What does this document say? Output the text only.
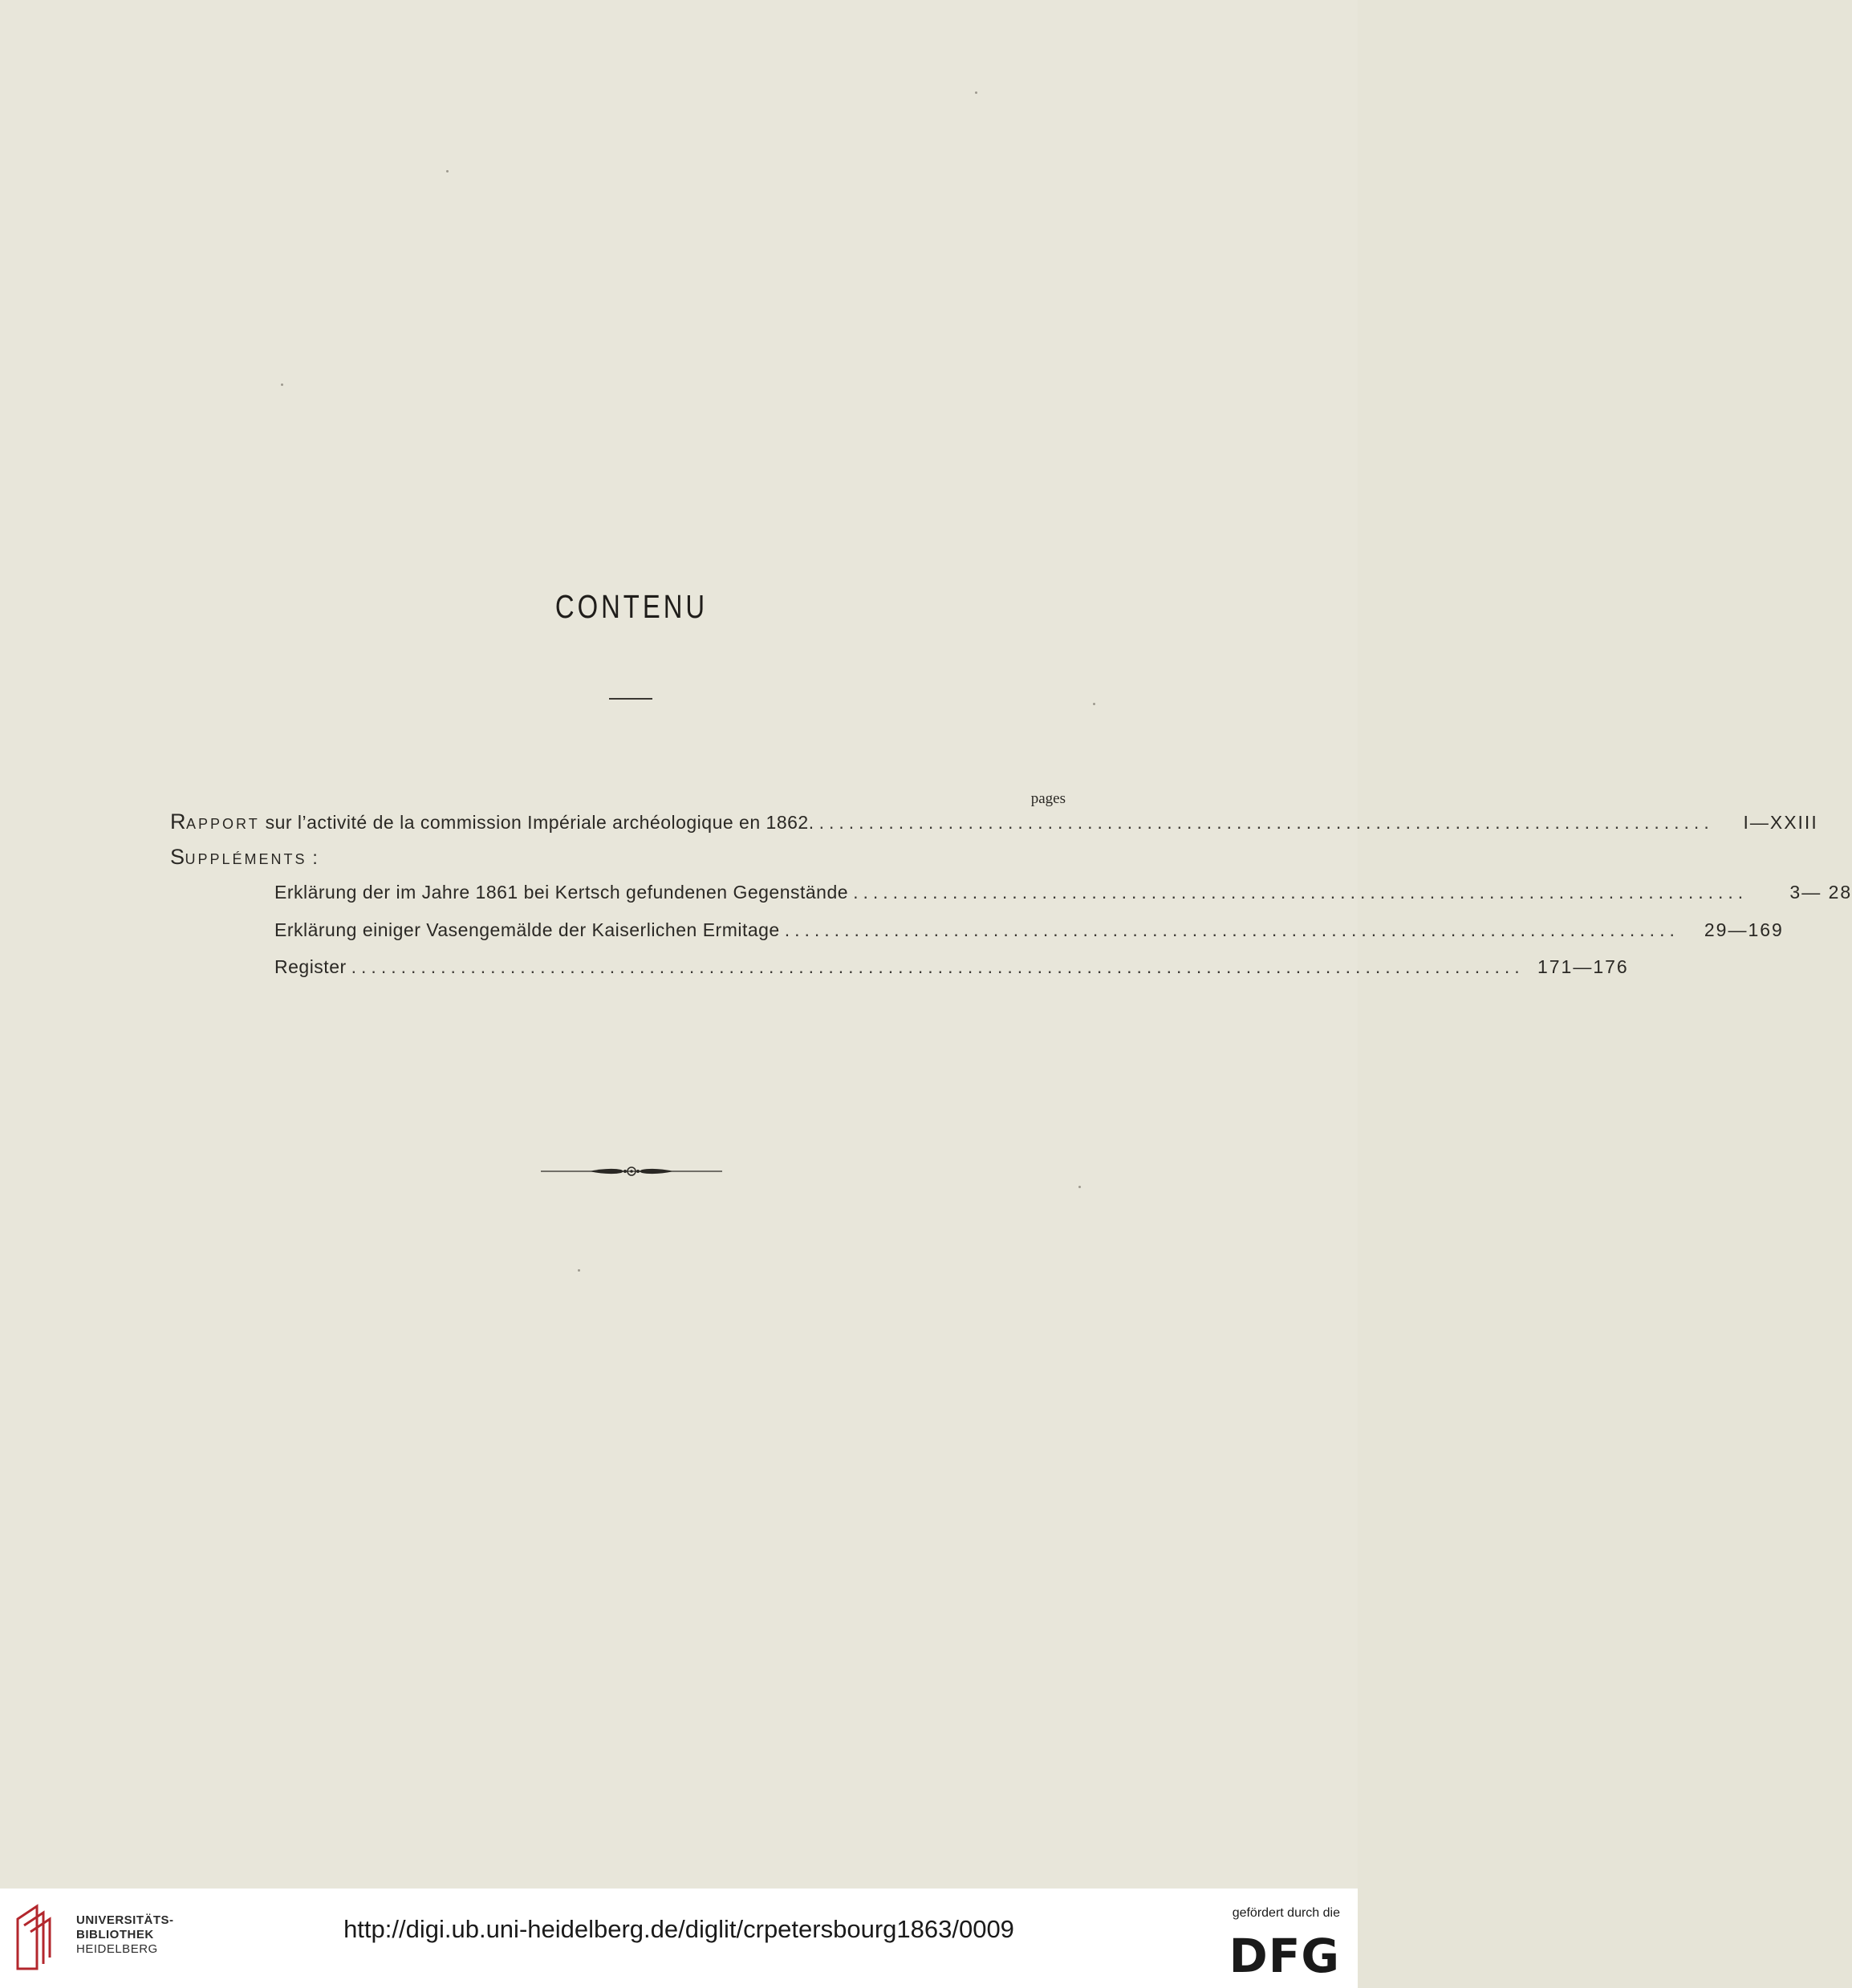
CONTENU
pages
RAPPORT sur l’activité de la commission Impériale archéologique en 1862. ..........................................................................................	I—XXIII
SUPPLÉMENTS :
Erklärung der im Jahre 1861 bei Kertsch gefundenen Gegenstände ..........................................................................................	3— 28
Erklärung einiger Vasengemälde der Kaiserlichen Ermitage ..........................................................................................	29—169
Register ...................................................................................................................... 171—176
UNIVERSITÄTS-
BIBLIOTHEK
HEIDELBERG
http://digi.ub.uni-heidelberg.de/diglit/crpetersbourg1863/0009
gefördert durch die
DFG
